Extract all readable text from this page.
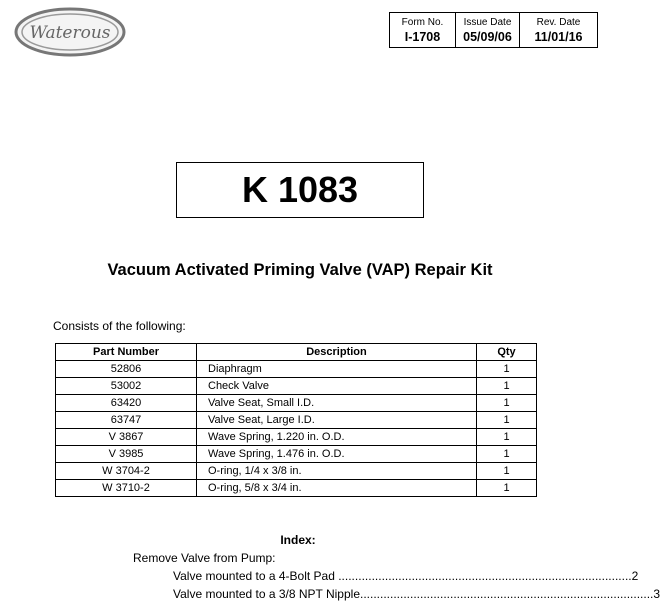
Waterous
Form No.
I-1708
Issue Date
05/09/06
Rev. Date
11/01/16
K 1083
Vacuum Activated Priming Valve (VAP) Repair Kit
Consists of the following:
Part Number	Description	Qty
52806	Diaphragm	1
53002	Check Valve	1
63420	Valve Seat, Small I.D.	1
63747	Valve Seat, Large I.D.	1
V 3867	Wave Spring, 1.220 in. O.D.	1
V 3985	Wave Spring, 1.476 in. O.D.	1
W 3704-2	O-ring, 1/4 x 3/8 in.	1
W 3710-2	O-ring, 5/8 x 3/4 in.	1
Index:
Remove Valve from Pump:
Valve mounted to a 4-Bolt Pad ........................................................................................ 2
Valve mounted to a 3/8 NPT Nipple ........................................................................................ 3
